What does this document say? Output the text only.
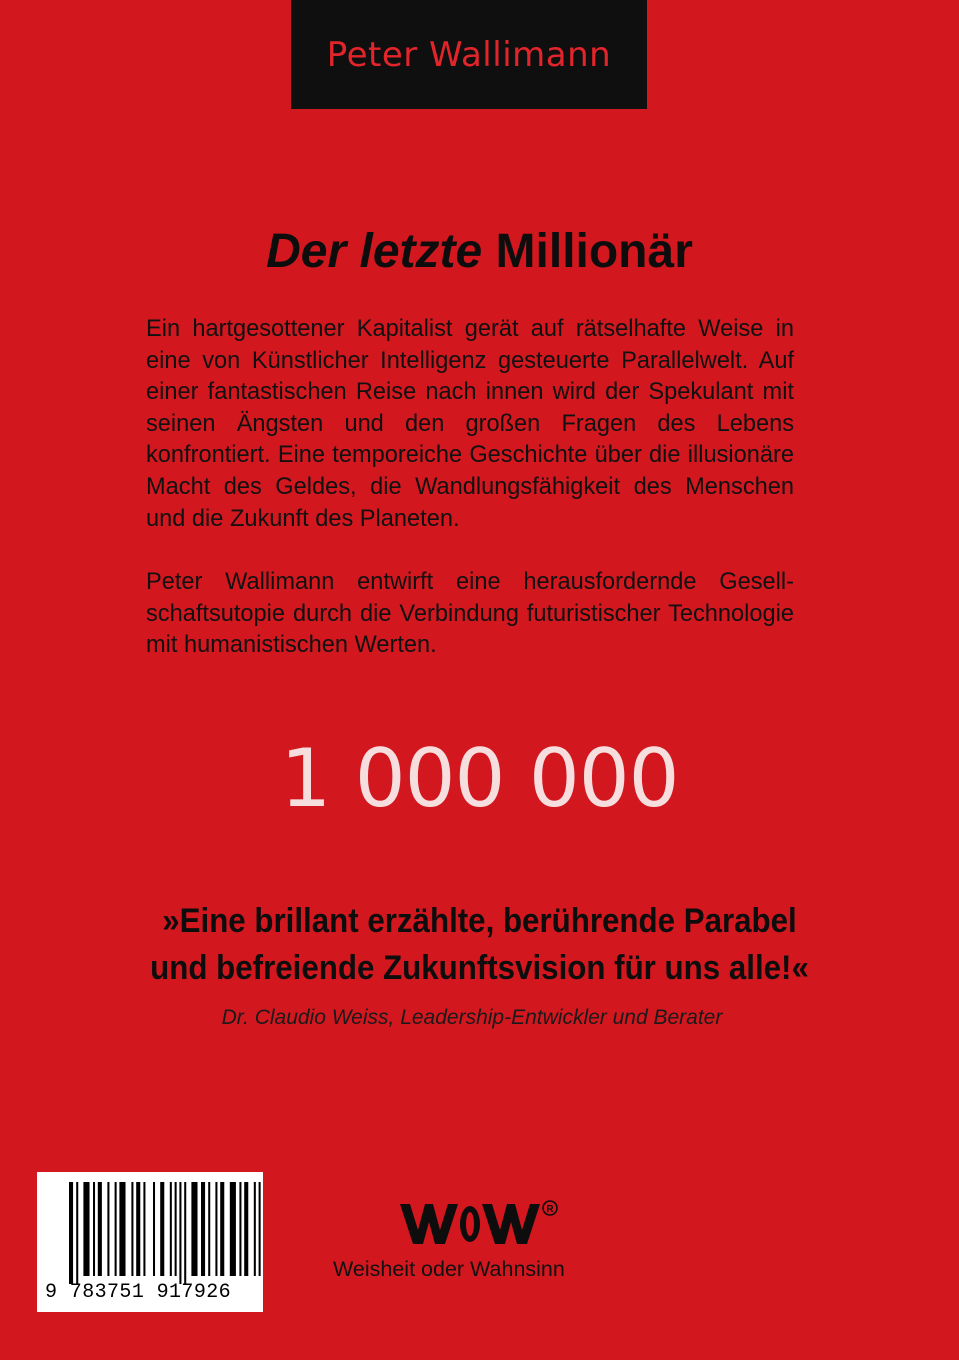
Peter Wallimann
Der letzte Millionär

Ein hartgesottener Kapitalist gerät auf rätselhafte Weise in eine von Künstlicher Intelligenz gesteuerte Parallelwelt. Auf einer fantastischen Reise nach innen wird der Spekulant mit seinen Ängsten und den großen Fragen des Lebens konfrontiert. Eine temporeiche Geschichte über die illusionäre Macht des Geldes, die Wandlungsfähigkeit des Menschen und die Zukunft des Planeten.

Peter Wallimann entwirft eine herausfordernde Gesellschaftsutopie durch die Verbindung futuristischer Technologie mit humanistischen Werten.

1 000 000
»Eine brillant erzählte, berührende Parabel
und befreiende Zukunftsvision für uns alle!«
Dr. Claudio Weiss, Leadership-Entwickler und Berater
9 783751 917926
R
Weisheit oder Wahnsinn
